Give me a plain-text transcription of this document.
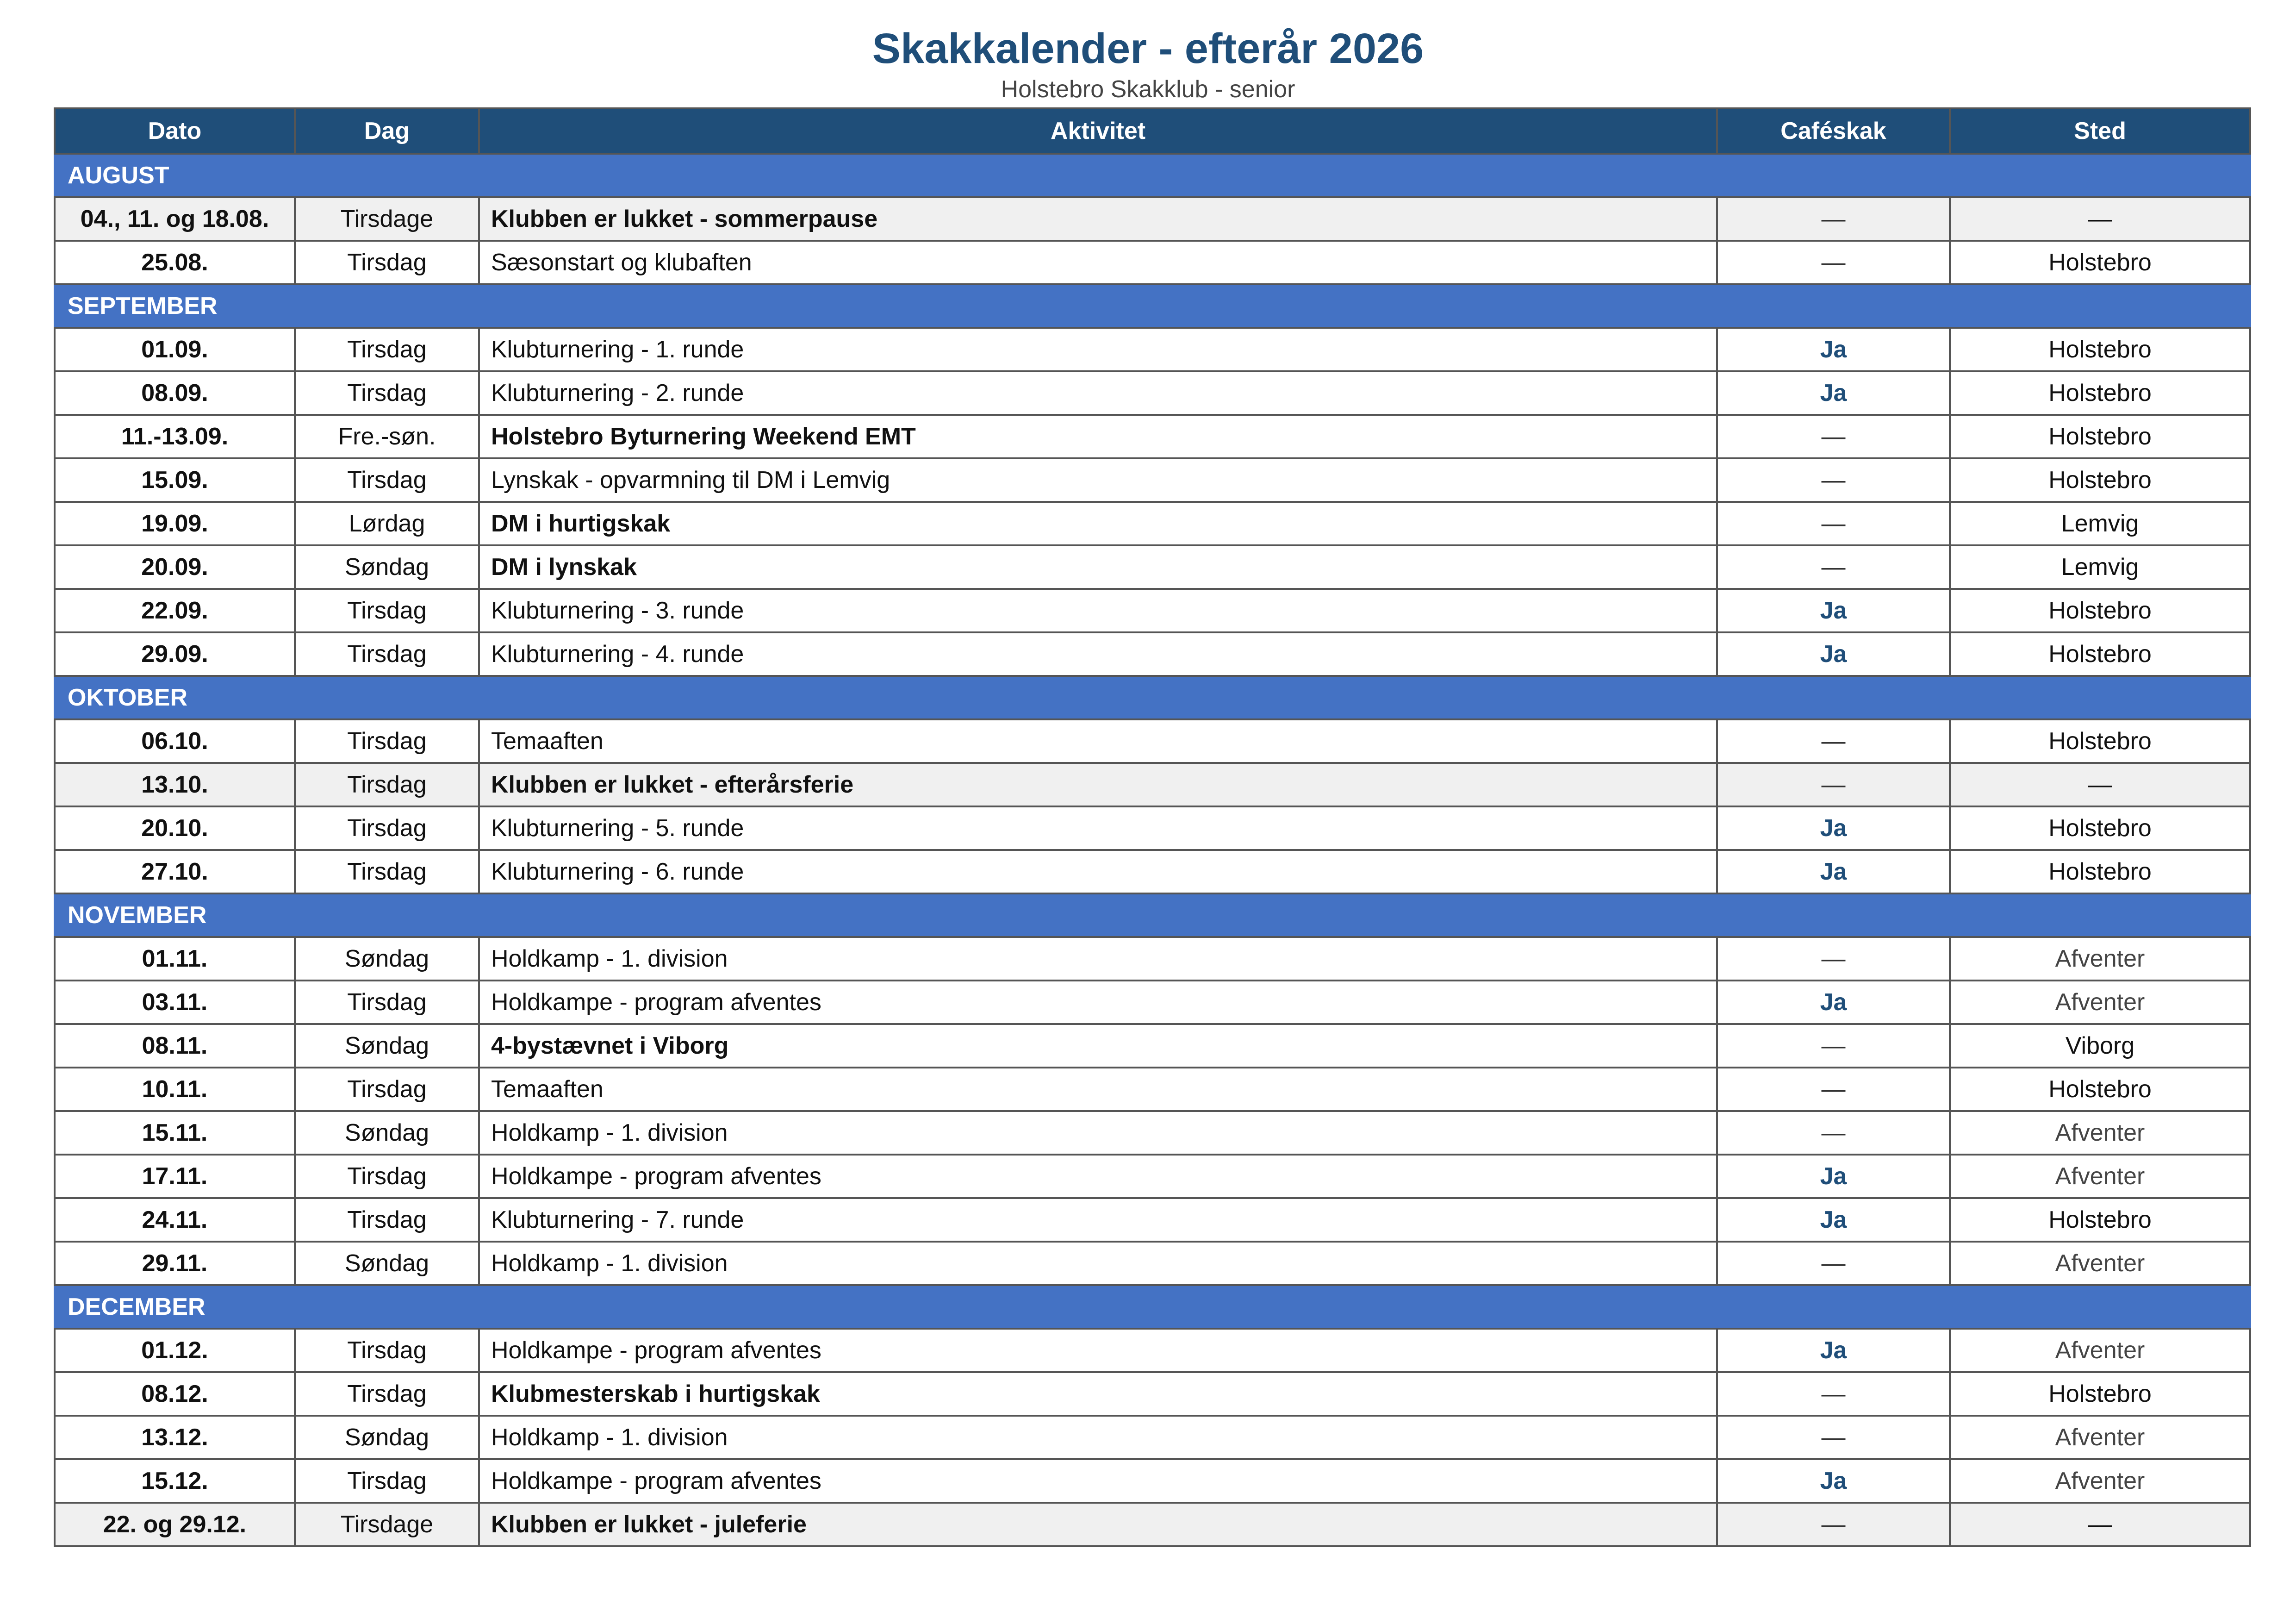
Skakkalender - efterår 2026
Holstebro Skakklub - senior
Dato	Dag	Aktivitet	Caféskak	Sted
AUGUST				
04., 11. og 18.08.	Tirsdage	Klubben er lukket - sommerpause	—	—
25.08.	Tirsdag	Sæsonstart og klubaften	—	Holstebro
SEPTEMBER				
01.09.	Tirsdag	Klubturnering - 1. runde	Ja	Holstebro
08.09.	Tirsdag	Klubturnering - 2. runde	Ja	Holstebro
11.-13.09.	Fre.-søn.	Holstebro Byturnering Weekend EMT	—	Holstebro
15.09.	Tirsdag	Lynskak - opvarmning til DM i Lemvig	—	Holstebro
19.09.	Lørdag	DM i hurtigskak	—	Lemvig
20.09.	Søndag	DM i lynskak	—	Lemvig
22.09.	Tirsdag	Klubturnering - 3. runde	Ja	Holstebro
29.09.	Tirsdag	Klubturnering - 4. runde	Ja	Holstebro
OKTOBER				
06.10.	Tirsdag	Temaaften	—	Holstebro
13.10.	Tirsdag	Klubben er lukket - efterårsferie	—	—
20.10.	Tirsdag	Klubturnering - 5. runde	Ja	Holstebro
27.10.	Tirsdag	Klubturnering - 6. runde	Ja	Holstebro
NOVEMBER				
01.11.	Søndag	Holdkamp - 1. division	—	Afventer
03.11.	Tirsdag	Holdkampe - program afventes	Ja	Afventer
08.11.	Søndag	4-bystævnet i Viborg	—	Viborg
10.11.	Tirsdag	Temaaften	—	Holstebro
15.11.	Søndag	Holdkamp - 1. division	—	Afventer
17.11.	Tirsdag	Holdkampe - program afventes	Ja	Afventer
24.11.	Tirsdag	Klubturnering - 7. runde	Ja	Holstebro
29.11.	Søndag	Holdkamp - 1. division	—	Afventer
DECEMBER				
01.12.	Tirsdag	Holdkampe - program afventes	Ja	Afventer
08.12.	Tirsdag	Klubmesterskab i hurtigskak	—	Holstebro
13.12.	Søndag	Holdkamp - 1. division	—	Afventer
15.12.	Tirsdag	Holdkampe - program afventes	Ja	Afventer
22. og 29.12.	Tirsdage	Klubben er lukket - juleferie	—	—
